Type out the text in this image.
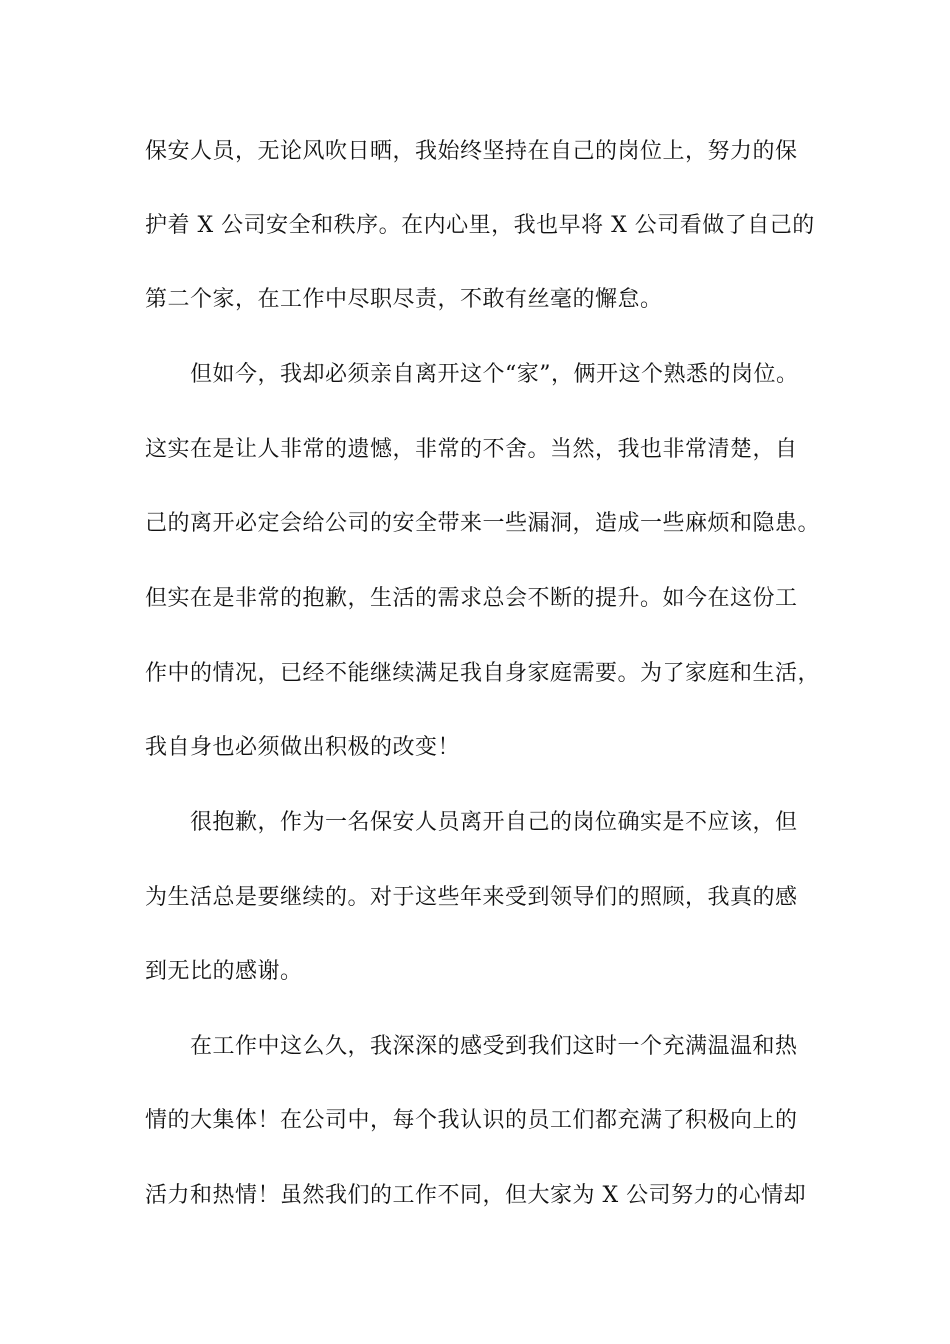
保安人员，无论风吹日晒，我始终坚持在自己的岗位上，努力的保
护着 X 公司安全和秩序。在内心里，我也早将 X 公司看做了自己的
第二个家，在工作中尽职尽责，不敢有丝毫的懈怠。
但如今，我却必须亲自离开这个“家”，俩开这个熟悉的岗位。
这实在是让人非常的遗憾，非常的不舍。当然，我也非常清楚，自
己的离开必定会给公司的安全带来一些漏洞，造成一些麻烦和隐患。
但实在是非常的抱歉，生活的需求总会不断的提升。如今在这份工
作中的情况，已经不能继续满足我自身家庭需要。为了家庭和生活，
我自身也必须做出积极的改变！
很抱歉，作为一名保安人员离开自己的岗位确实是不应该，但
为生活总是要继续的。对于这些年来受到领导们的照顾，我真的感
到无比的感谢。
在工作中这么久，我深深的感受到我们这时一个充满温温和热
情的大集体！在公司中，每个我认识的员工们都充满了积极向上的
活力和热情！虽然我们的工作不同，但大家为 X 公司努力的心情却
